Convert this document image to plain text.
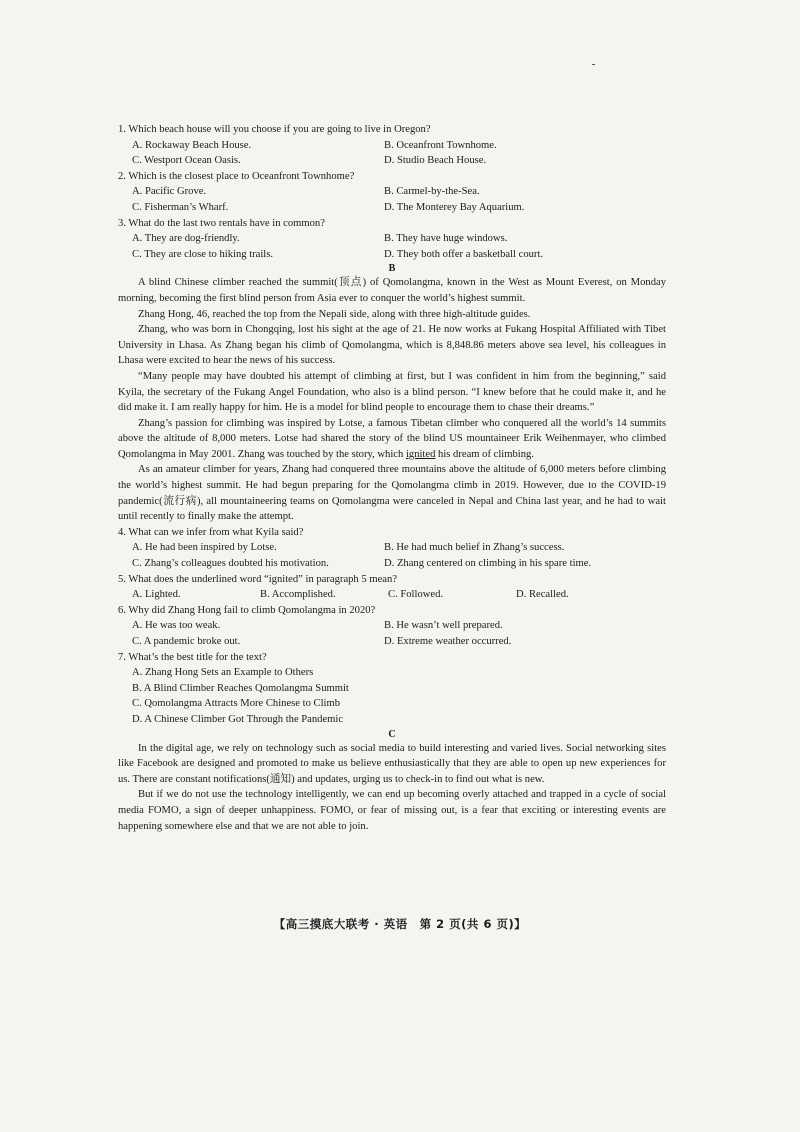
1. Which beach house will you choose if you are going to live in Oregon?

A. Rockaway Beach House.	B. Oceanfront Townhome.
C. Westport Ocean Oasis.	D. Studio Beach House.

2. Which is the closest place to Oceanfront Townhome?

A. Pacific Grove.	B. Carmel-by-the-Sea.
C. Fisherman’s Wharf.	D. The Monterey Bay Aquarium.

3. What do the last two rentals have in common?

A. They are dog-friendly.	B. They have huge windows.
C. They are close to hiking trails.	D. They both offer a basketball court.

B

A blind Chinese climber reached the summit(顶点) of Qomolangma, known in the West as Mount Everest, on Monday morning, becoming the first blind person from Asia ever to conquer the world’s highest summit.

Zhang Hong, 46, reached the top from the Nepali side, along with three high-altitude guides.

Zhang, who was born in Chongqing, lost his sight at the age of 21. He now works at Fukang Hospital Affiliated with Tibet University in Lhasa. As Zhang began his climb of Qomolangma, which is 8,848.86 meters above sea level, his colleagues in Lhasa were excited to hear the news of his success.

“Many people may have doubted his attempt of climbing at first, but I was confident in him from the beginning,” said Kyila, the secretary of the Fukang Angel Foundation, who also is a blind person. “I knew before that he could make it, and he did make it. I am really happy for him. He is a model for blind people to encourage them to chase their dreams.”

Zhang’s passion for climbing was inspired by Lotse, a famous Tibetan climber who conquered all the world’s 14 summits above the altitude of 8,000 meters. Lotse had shared the story of the blind US mountaineer Erik Weihenmayer, who climbed Qomolangma in May 2001. Zhang was touched by the story, which ignited his dream of climbing.

As an amateur climber for years, Zhang had conquered three mountains above the altitude of 6,000 meters before climbing the world’s highest summit. He had begun preparing for the Qomolangma climb in 2019. However, due to the COVID-19 pandemic(流行病), all mountaineering teams on Qomolangma were canceled in Nepal and China last year, and he had to wait until recently to finally make the attempt.

4. What can we infer from what Kyila said?

A. He had been inspired by Lotse.	B. He had much belief in Zhang’s success.
C. Zhang’s colleagues doubted his motivation.	D. Zhang centered on climbing in his spare time.

5. What does the underlined word “ignited” in paragraph 5 mean?

A. Lighted.	B. Accomplished.	C. Followed.	D. Recalled.

6. Why did Zhang Hong fail to climb Qomolangma in 2020?

A. He was too weak.	B. He wasn’t well prepared.
C. A pandemic broke out.	D. Extreme weather occurred.

7. What’s the best title for the text?

A. Zhang Hong Sets an Example to Others
B. A Blind Climber Reaches Qomolangma Summit
C. Qomolangma Attracts More Chinese to Climb
D. A Chinese Climber Got Through the Pandemic

C

In the digital age, we rely on technology such as social media to build interesting and varied lives. Social networking sites like Facebook are designed and promoted to make us believe enthusiastically that they are able to open up new experiences for us. There are constant notifications(通知) and updates, urging us to check-in to find out what is new.

But if we do not use the technology intelligently, we can end up becoming overly attached and trapped in a cycle of social media FOMO, a sign of deeper unhappiness. FOMO, or fear of missing out, is a fear that exciting or interesting events are happening somewhere else and that we are not able to join.

【高三摸底大联考 · 英语　第 2 页(共 6 页)】
